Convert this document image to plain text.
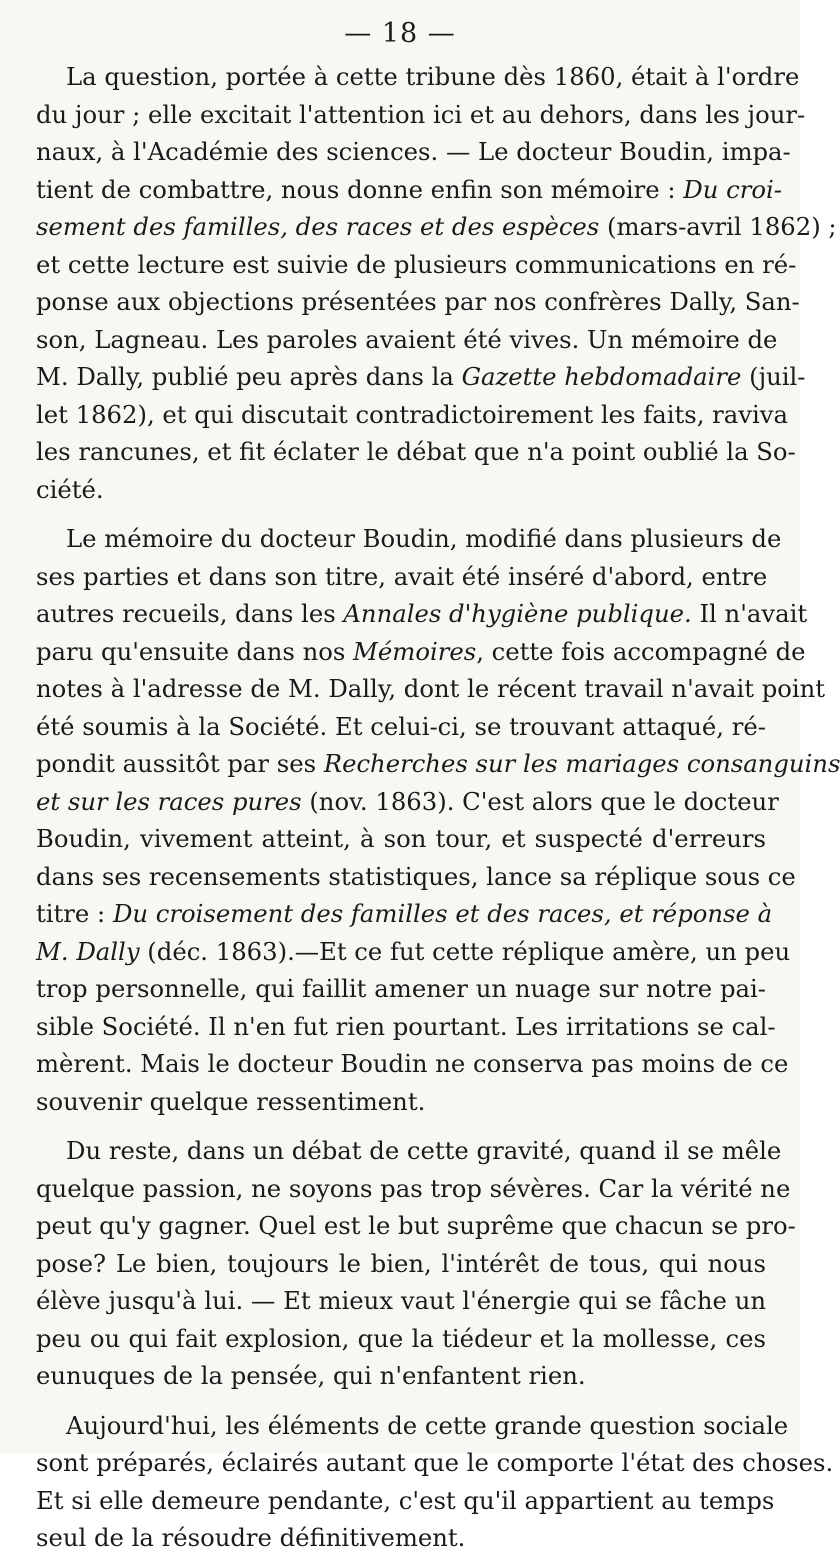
— 18 —
La question, portée à cette tribune dès 1860, était à l'ordre
du jour ; elle excitait l'attention ici et au dehors, dans les jour-
naux, à l'Académie des sciences. — Le docteur Boudin, impa-
tient de combattre, nous donne enfin son mémoire : Du croi-
sement des familles, des races et des espèces (mars-avril 1862) ;
et cette lecture est suivie de plusieurs communications en ré-
ponse aux objections présentées par nos confrères Dally, San-
son, Lagneau. Les paroles avaient été vives. Un mémoire de
M. Dally, publié peu après dans la Gazette hebdomadaire (juil-
let 1862), et qui discutait contradictoirement les faits, raviva
les rancunes, et fit éclater le débat que n'a point oublié la So-
ciété.
Le mémoire du docteur Boudin, modifié dans plusieurs de
ses parties et dans son titre, avait été inséré d'abord, entre
autres recueils, dans les Annales d'hygiène publique. Il n'avait
paru qu'ensuite dans nos Mémoires, cette fois accompagné de
notes à l'adresse de M. Dally, dont le récent travail n'avait point
été soumis à la Société. Et celui-ci, se trouvant attaqué, ré-
pondit aussitôt par ses Recherches sur les mariages consanguins
et sur les races pures (nov. 1863). C'est alors que le docteur
Boudin, vivement atteint, à son tour, et suspecté d'erreurs
dans ses recensements statistiques, lance sa réplique sous ce
titre : Du croisement des familles et des races, et réponse à
M. Dally (déc. 1863).—Et ce fut cette réplique amère, un peu
trop personnelle, qui faillit amener un nuage sur notre pai-
sible Société. Il n'en fut rien pourtant. Les irritations se cal-
mèrent. Mais le docteur Boudin ne conserva pas moins de ce
souvenir quelque ressentiment.
Du reste, dans un débat de cette gravité, quand il se mêle
quelque passion, ne soyons pas trop sévères. Car la vérité ne
peut qu'y gagner. Quel est le but suprême que chacun se pro-
pose? Le bien, toujours le bien, l'intérêt de tous, qui nous
élève jusqu'à lui. — Et mieux vaut l'énergie qui se fâche un
peu ou qui fait explosion, que la tiédeur et la mollesse, ces
eunuques de la pensée, qui n'enfantent rien.
Aujourd'hui, les éléments de cette grande question sociale
sont préparés, éclairés autant que le comporte l'état des choses.
Et si elle demeure pendante, c'est qu'il appartient au temps
seul de la résoudre définitivement.
